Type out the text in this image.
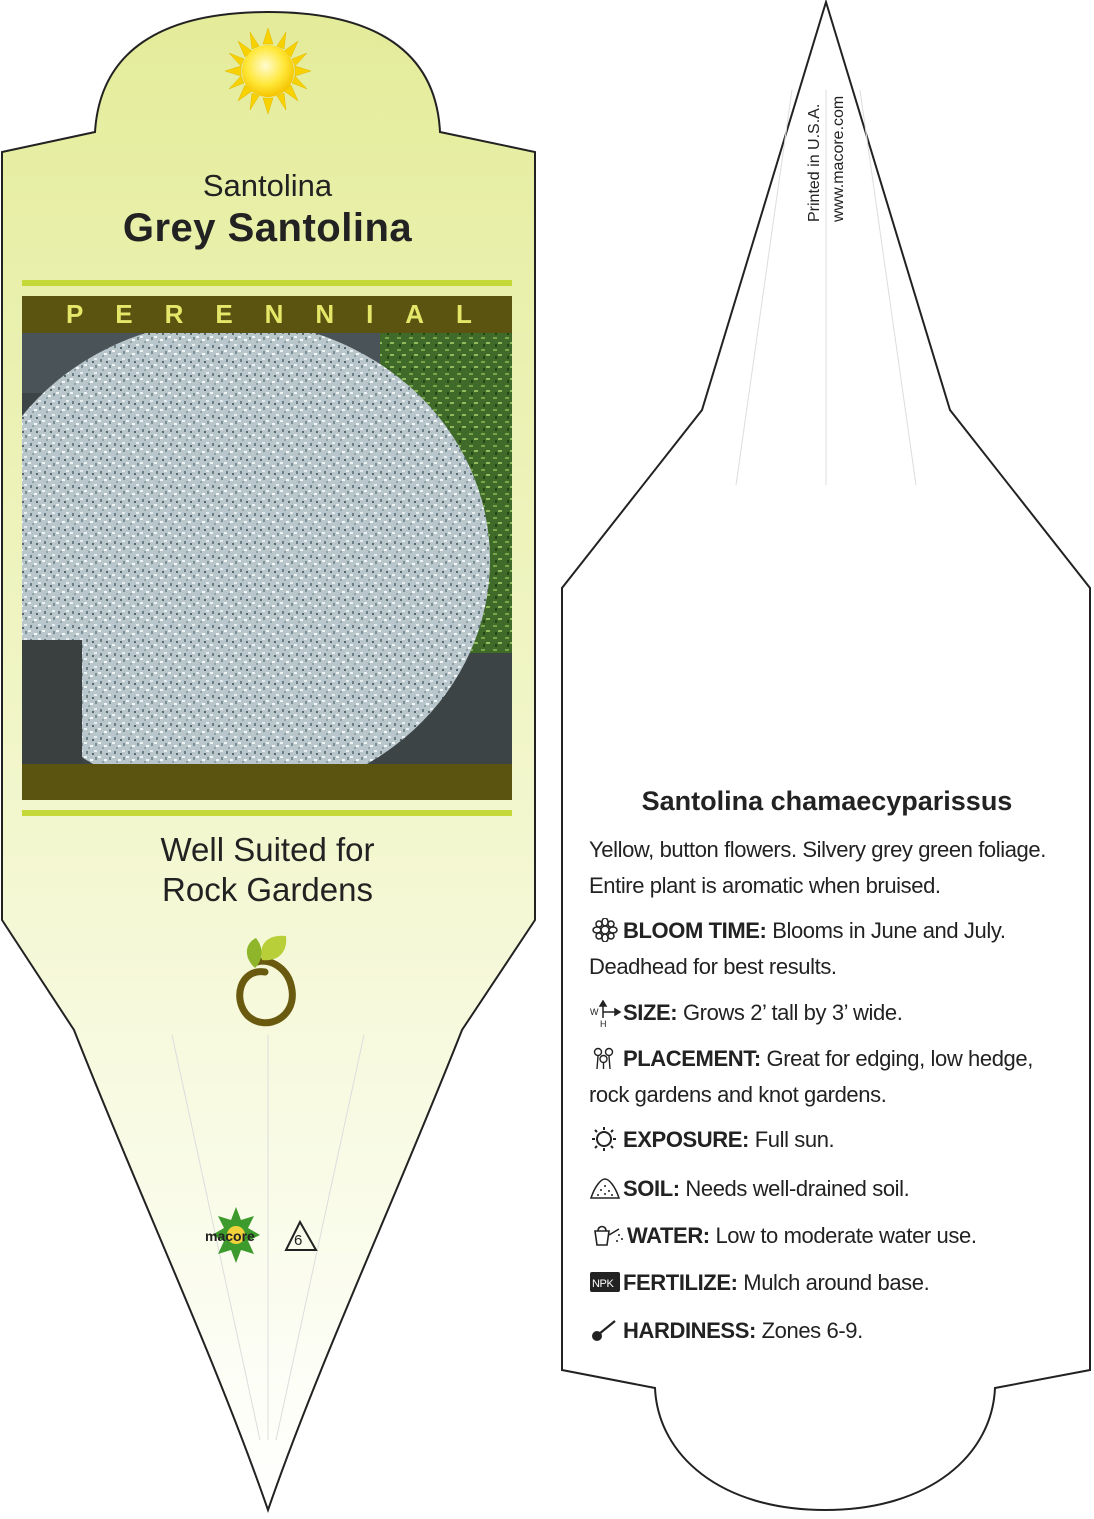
Santolina
Grey Santolina
P E R E N N I A L
Well Suited for
Rock Gardens
macore	6
Printed in U.S.A. www.macore.com
Santolina chamaecyparissus
Yellow, button flowers. Silvery grey green foliage. Entire plant is aromatic when bruised.
BLOOM TIME: Blooms in June and July. Deadhead for best results.
W
H SIZE: Grows 2’ tall by 3’ wide.
PLACEMENT: Great for edging, low hedge, rock gardens and knot gardens.
EXPOSURE: Full sun.
SOIL: Needs well-drained soil.
WATER: Low to moderate water use.
NPK FERTILIZE: Mulch around base.
HARDINESS: Zones 6-9.
